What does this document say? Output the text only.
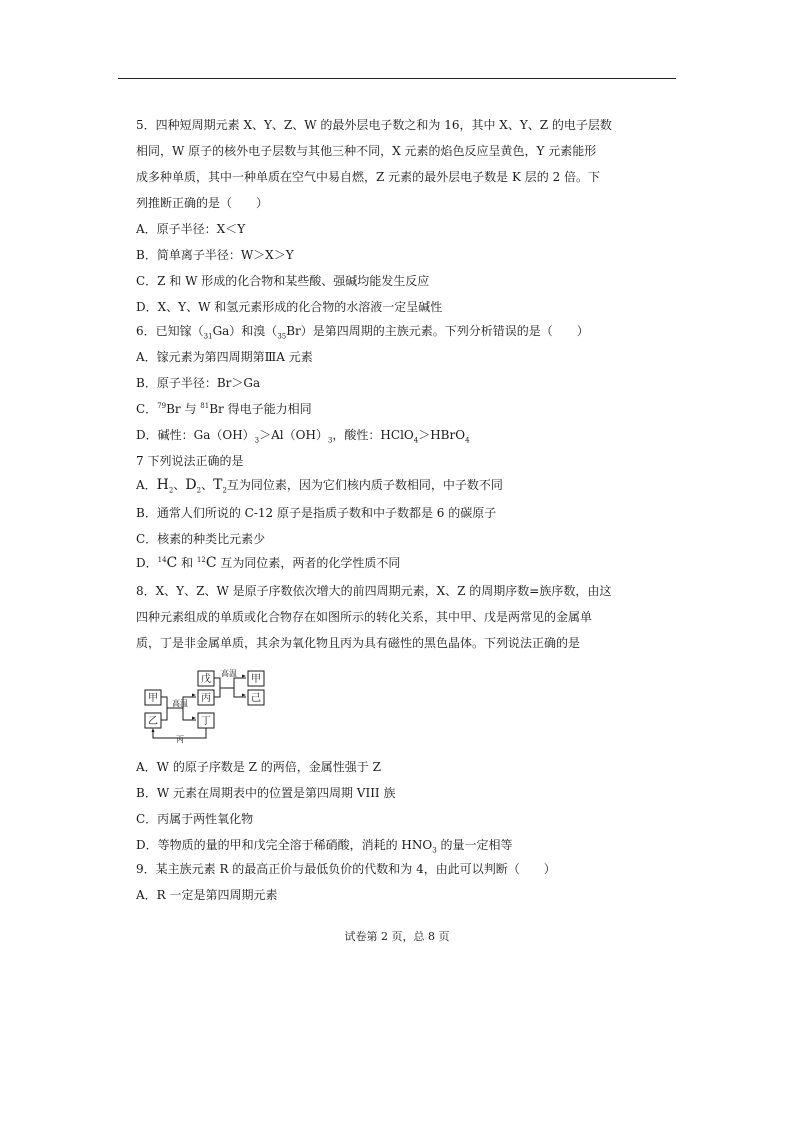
5．四种短周期元素 X、Y、Z、W 的最外层电子数之和为 16，其中 X、Y、Z 的电子层数
相同，W 原子的核外电子层数与其他三种不同，X 元素的焰色反应呈黄色，Y 元素能形
成多种单质，其中一种单质在空气中易自燃，Z 元素的最外层电子数是 K 层的 2 倍。下
列推断正确的是（　　）
A．原子半径：X＜Y
B．简单离子半径：W＞X＞Y
C．Z 和 W 形成的化合物和某些酸、强碱均能发生反应
D．X、Y、W 和氢元素形成的化合物的水溶液一定呈碱性
6．已知镓$(_{31}Ga)$和溴$(_{35}Br)$是第四周期的主族元素。下列分析错误的是（　　）
A．镓元素为第四周期第ⅢA 元素
B．原子半径：Br＞Ga
C．$^{79}$Br 与 $^{81}$Br 得电子能力相同
D．碱性：$Ga(OH)_3>Al(OH)_3$，酸性：HClO$_4$＞HBrO$_4$
7 下列说法正确的是
A．$H_2$、$D_2$、$T_2$互为同位素，因为它们核内质子数相同，中子数不同
B．通常人们所说的 C-12 原子是指质子数和中子数都是 6 的碳原子
C．核素的种类比元素少
D．$^{14}$C 和 $^{12}$C 互为同位素，两者的化学性质不同
8．X、Y、Z、W 是原子序数依次增大的前四周期元素，X、Z 的周期序数=族序数，由这
四种元素组成的单质或化合物存在如图所示的转化关系，其中甲、戊是两常见的金属单
质，丁是非金属单质，其余为氧化物且丙为具有磁性的黑色晶体。下列说法正确的是
甲
乙
戊
丙
丁
甲
己
高温
高温
丙
A．W 的原子序数是 Z 的两倍，金属性强于 Z
B．W 元素在周期表中的位置是第四周期 VIII 族
C．丙属于两性氧化物
D．等物质的量的甲和戊完全溶于稀硝酸，消耗的 $HNO_3$ 的量一定相等
9．某主族元素 R 的最高正价与最低负价的代数和为 4，由此可以判断（　　）
A．R 一定是第四周期元素
试卷第 2 页，总 8 页
